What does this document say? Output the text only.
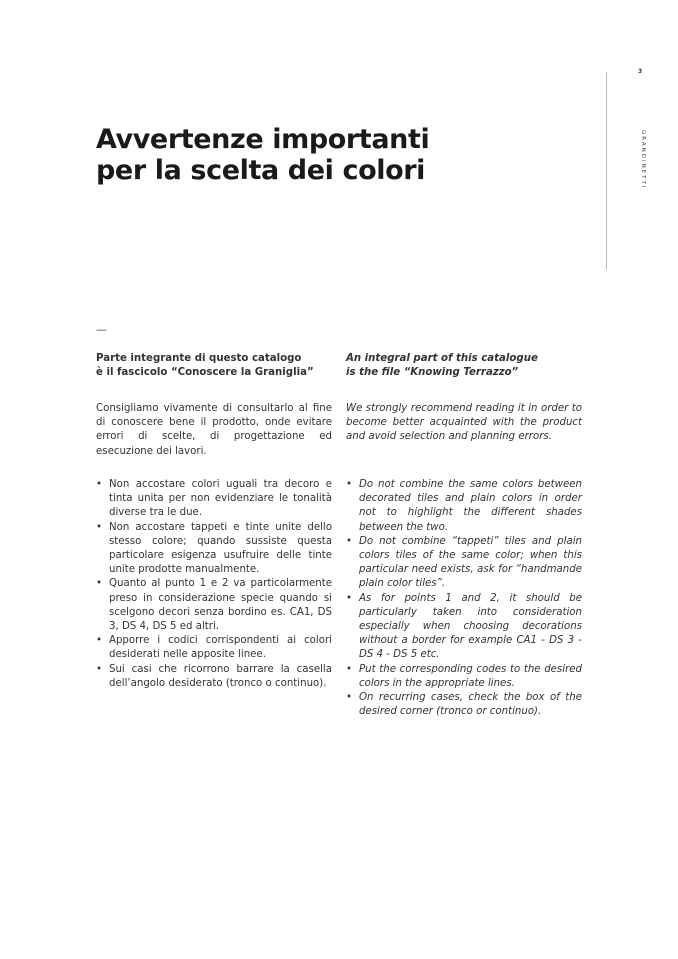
3
GRANDINETTI
Avvertenze importanti
per la scelta dei colori
—

Parte integrante di questo catalogo
è il fascicolo “Conoscere la Graniglia”

Consigliamo vivamente di consultarlo al fine di conoscere bene il prodotto, onde evitare errori di scelte, di progettazione ed esecuzione dei lavori.

An integral part of this catalogue
is the file “Knowing Terrazzo”

We strongly recommend reading it in order to become better acquainted with the product and avoid selection and planning errors.

• Non accostare colori uguali tra decoro e tinta unita per non evidenziare le tonalità diverse tra le due.
• Non accostare tappeti e tinte unite dello stesso colore; quando sussiste questa particolare esigenza usufruire delle tinte unite prodotte manualmente.
• Quanto al punto 1 e 2 va particolarmente preso in considerazione specie quando si scelgono decori senza bordino es. CA1, DS 3, DS 4, DS 5 ed altri.
• Apporre i codici corrispondenti ai colori desiderati nelle apposite linee.
• Sui casi che ricorrono barrare la casella dell’angolo desiderato (tronco o continuo).
• Do not combine the same colors between decorated tiles and plain colors in order not to highlight the different shades between the two.
• Do not combine “tappeti” tiles and plain colors tiles of the same color; when this particular need exists, ask for “handmande plain color tiles”.
• As for points 1 and 2, it should be particularly taken into consideration especially when choosing decorations without a border for example CA1 - DS 3 - DS 4 - DS 5 etc.
• Put the corresponding codes to the desired colors in the appropriate lines.
• On recurring cases, check the box of the desired corner (tronco or continuo).
